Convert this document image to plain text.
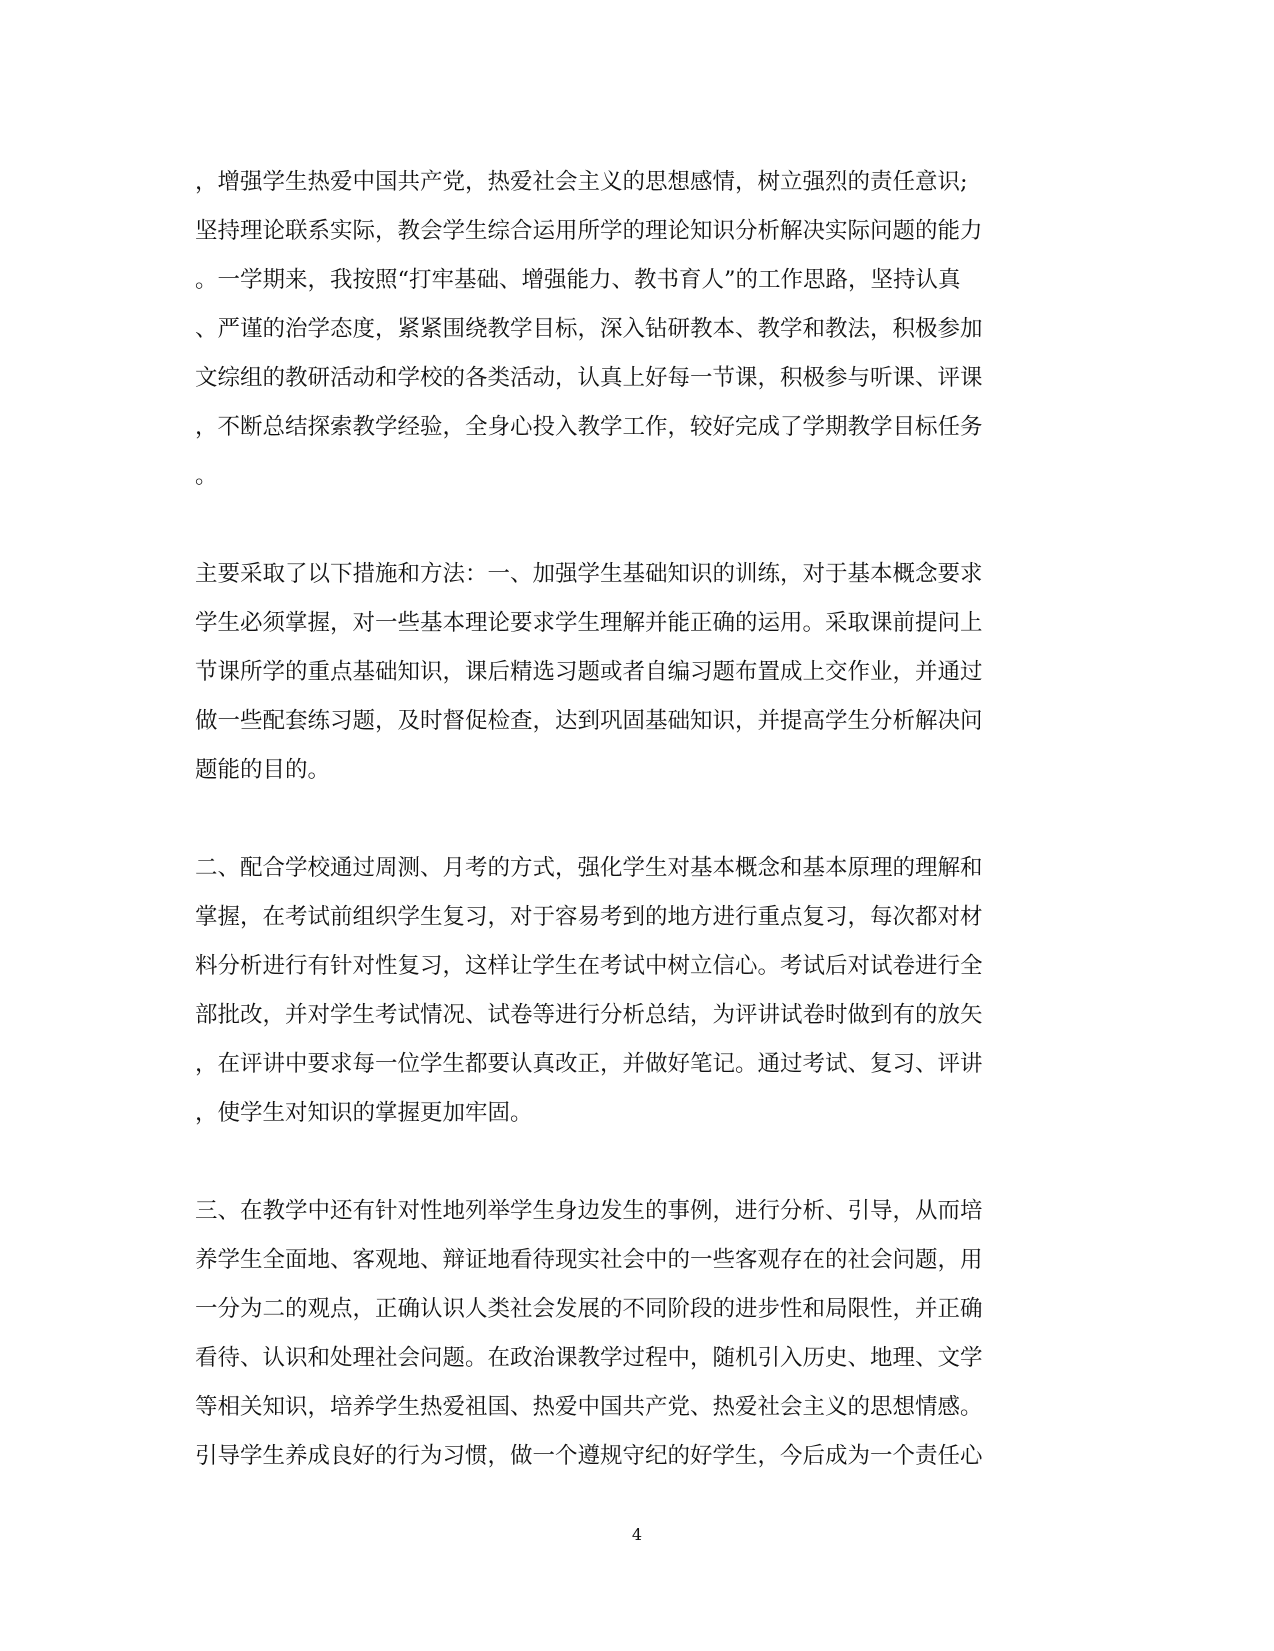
，增强学生热爱中国共产党，热爱社会主义的思想感情，树立强烈的责任意识;
坚持理论联系实际，教会学生综合运用所学的理论知识分析解决实际问题的能力
。一学期来，我按照“打牢基础、增强能力、教书育人”的工作思路，坚持认真
、严谨的治学态度，紧紧围绕教学目标，深入钻研教本、教学和教法，积极参加
文综组的教研活动和学校的各类活动，认真上好每一节课，积极参与听课、评课
，不断总结探索教学经验，全身心投入教学工作，较好完成了学期教学目标任务
。
主要采取了以下措施和方法：一、加强学生基础知识的训练，对于基本概念要求
学生必须掌握，对一些基本理论要求学生理解并能正确的运用。采取课前提问上
节课所学的重点基础知识，课后精选习题或者自编习题布置成上交作业，并通过
做一些配套练习题，及时督促检查，达到巩固基础知识，并提高学生分析解决问
题能的目的。
二、配合学校通过周测、月考的方式，强化学生对基本概念和基本原理的理解和
掌握，在考试前组织学生复习，对于容易考到的地方进行重点复习，每次都对材
料分析进行有针对性复习，这样让学生在考试中树立信心。考试后对试卷进行全
部批改，并对学生考试情况、试卷等进行分析总结，为评讲试卷时做到有的放矢
，在评讲中要求每一位学生都要认真改正，并做好笔记。通过考试、复习、评讲
，使学生对知识的掌握更加牢固。
三、在教学中还有针对性地列举学生身边发生的事例，进行分析、引导，从而培
养学生全面地、客观地、辩证地看待现实社会中的一些客观存在的社会问题，用
一分为二的观点，正确认识人类社会发展的不同阶段的进步性和局限性，并正确
看待、认识和处理社会问题。在政治课教学过程中，随机引入历史、地理、文学
等相关知识，培养学生热爱祖国、热爱中国共产党、热爱社会主义的思想情感。
引导学生养成良好的行为习惯，做一个遵规守纪的好学生，今后成为一个责任心
4
